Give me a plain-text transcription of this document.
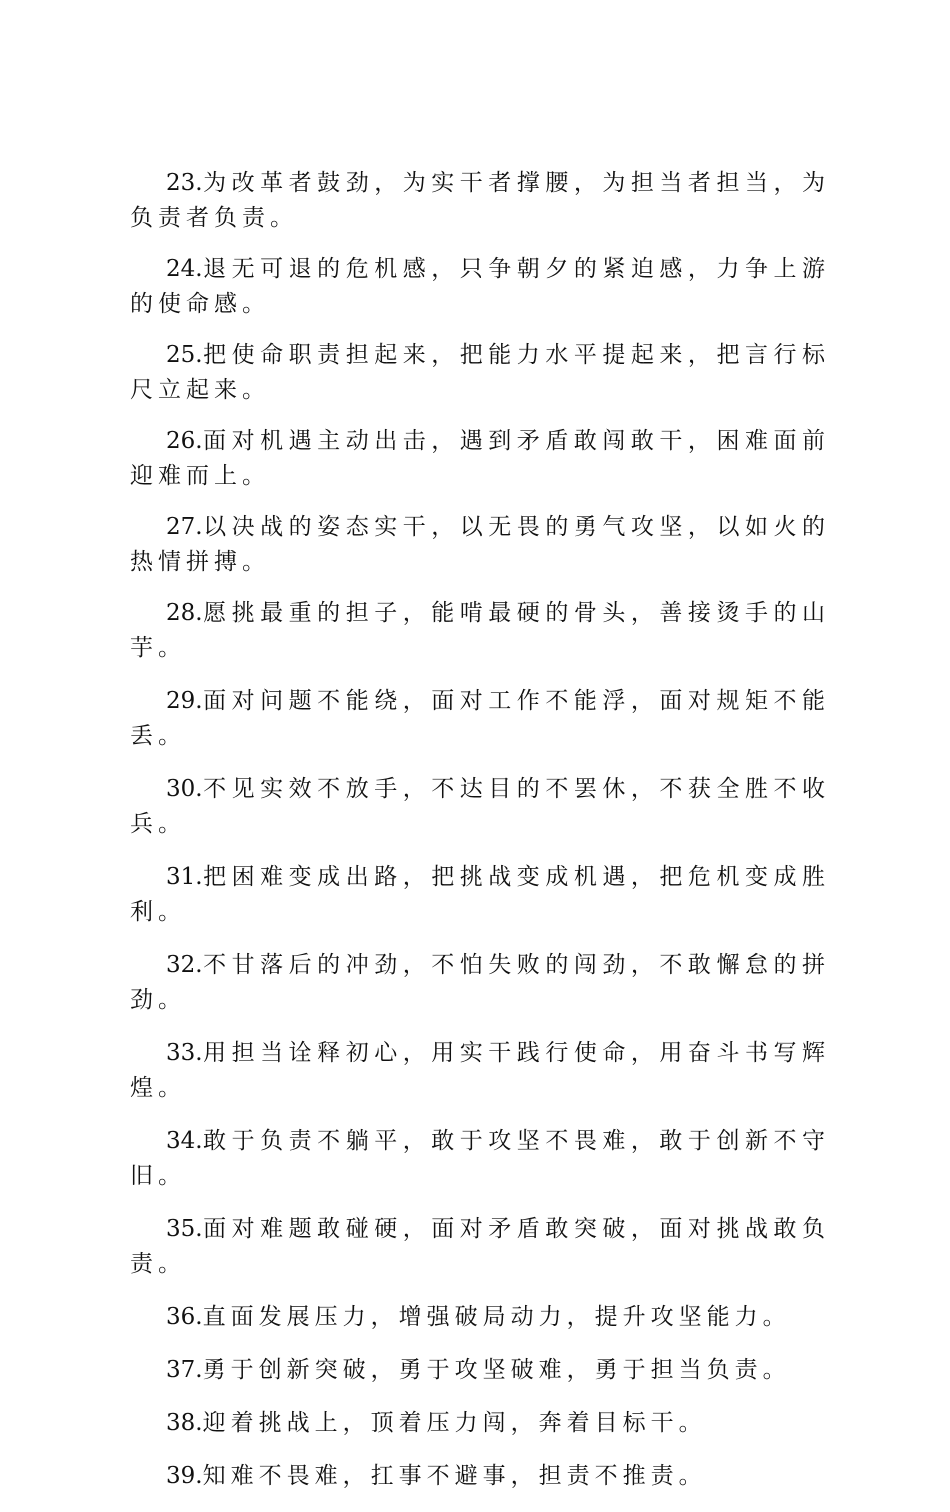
23.为改革者鼓劲，为实干者撑腰，为担当者担当，为负责者负责。

24.退无可退的危机感，只争朝夕的紧迫感，力争上游的使命感。

25.把使命职责担起来，把能力水平提起来，把言行标尺立起来。

26.面对机遇主动出击，遇到矛盾敢闯敢干，困难面前迎难而上。

27.以决战的姿态实干，以无畏的勇气攻坚，以如火的热情拼搏。

28.愿挑最重的担子，能啃最硬的骨头，善接烫手的山芋。

29.面对问题不能绕，面对工作不能浮，面对规矩不能丢。

30.不见实效不放手，不达目的不罢休，不获全胜不收兵。

31.把困难变成出路，把挑战变成机遇，把危机变成胜利。

32.不甘落后的冲劲，不怕失败的闯劲，不敢懈怠的拼劲。

33.用担当诠释初心，用实干践行使命，用奋斗书写辉煌。

34.敢于负责不躺平，敢于攻坚不畏难，敢于创新不守旧。

35.面对难题敢碰硬，面对矛盾敢突破，面对挑战敢负责。

36.直面发展压力，增强破局动力，提升攻坚能力。

37.勇于创新突破，勇于攻坚破难，勇于担当负责。

38.迎着挑战上，顶着压力闯，奔着目标干。

39.知难不畏难，扛事不避事，担责不推责。
